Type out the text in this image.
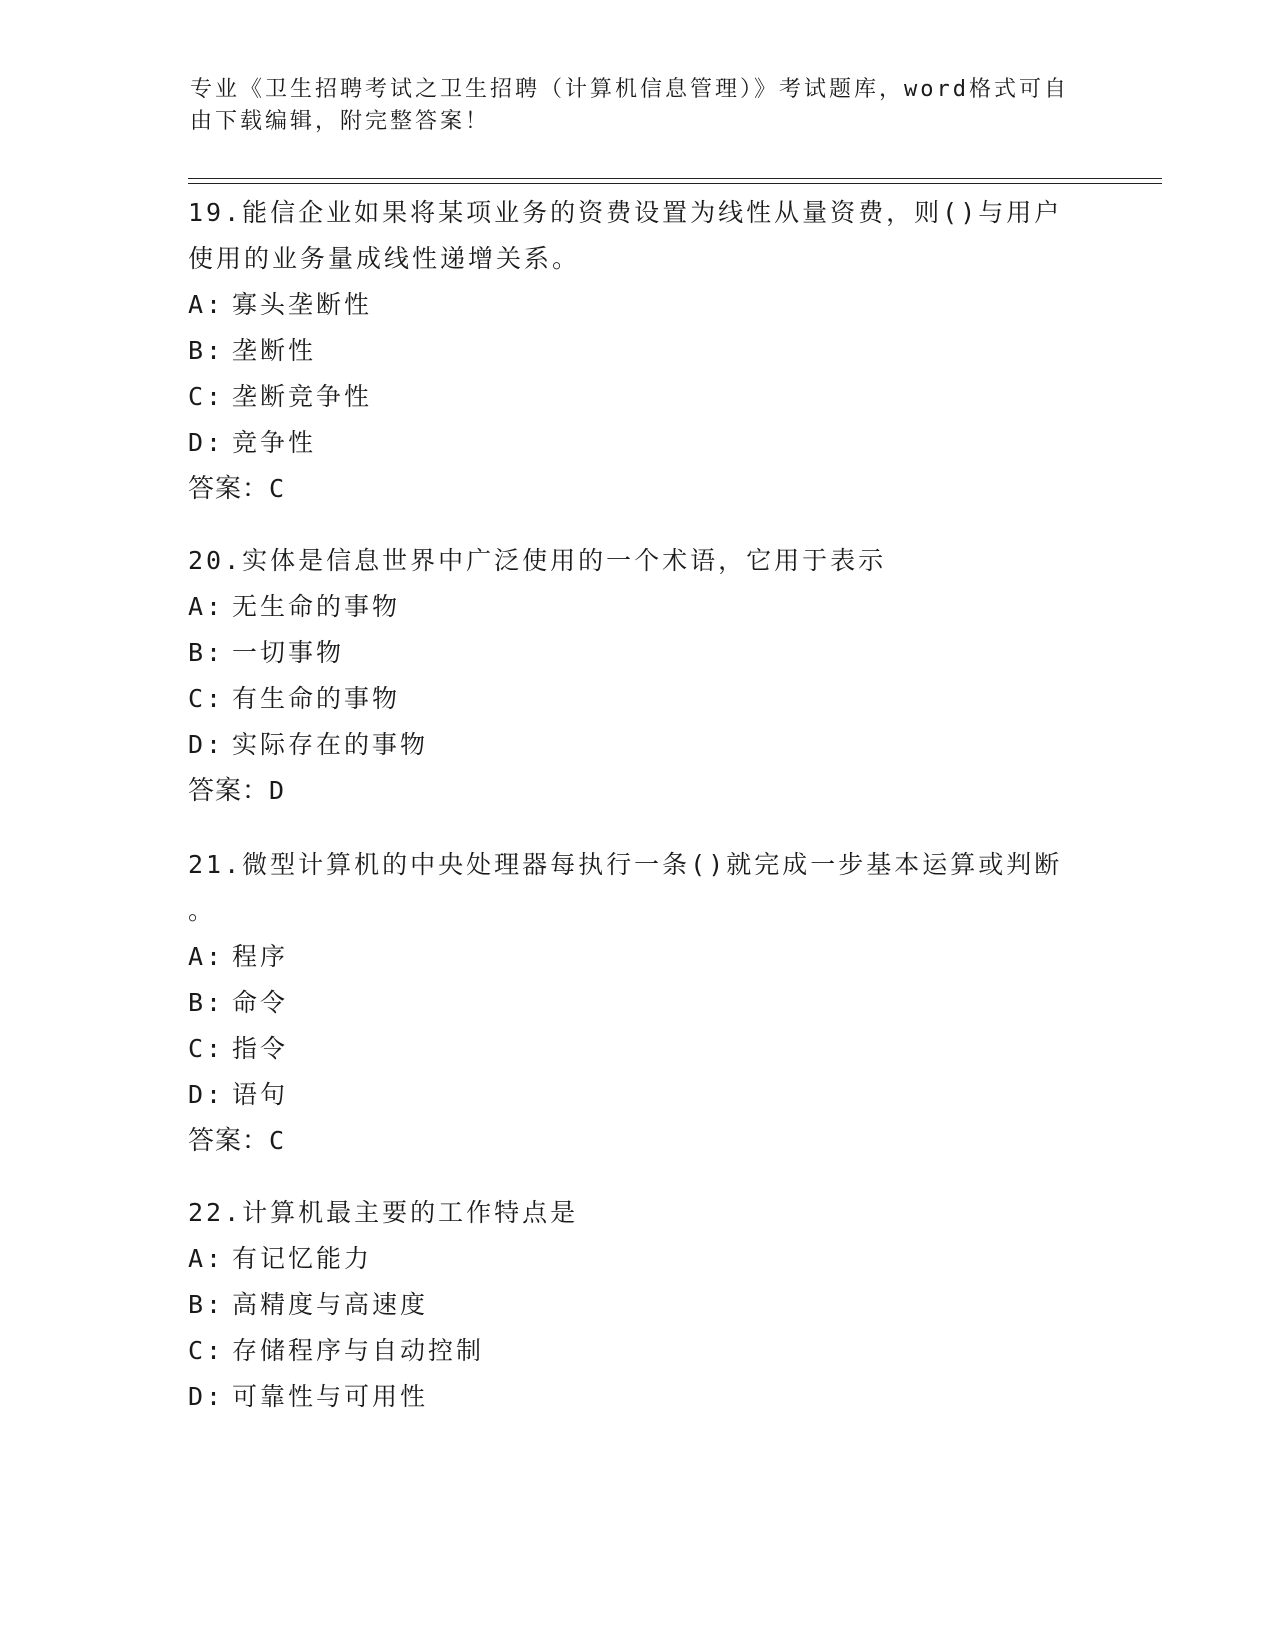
专业《卫生招聘考试之卫生招聘（计算机信息管理）》考试题库，word格式可自
由下载编辑，附完整答案！

19.能信企业如果将某项业务的资费设置为线性从量资费，则()与用户

使用的业务量成线性递增关系。

A: 寡头垄断性
B: 垄断性
C: 垄断竞争性
D: 竞争性
答案：C

20.实体是信息世界中广泛使用的一个术语，它用于表示

A: 无生命的事物
B: 一切事物
C: 有生命的事物
D: 实际存在的事物
答案：D

21.微型计算机的中央处理器每执行一条()就完成一步基本运算或判断

。

A: 程序
B: 命令
C: 指令
D: 语句
答案：C

22.计算机最主要的工作特点是

A: 有记忆能力
B: 高精度与高速度
C: 存储程序与自动控制
D: 可靠性与可用性
